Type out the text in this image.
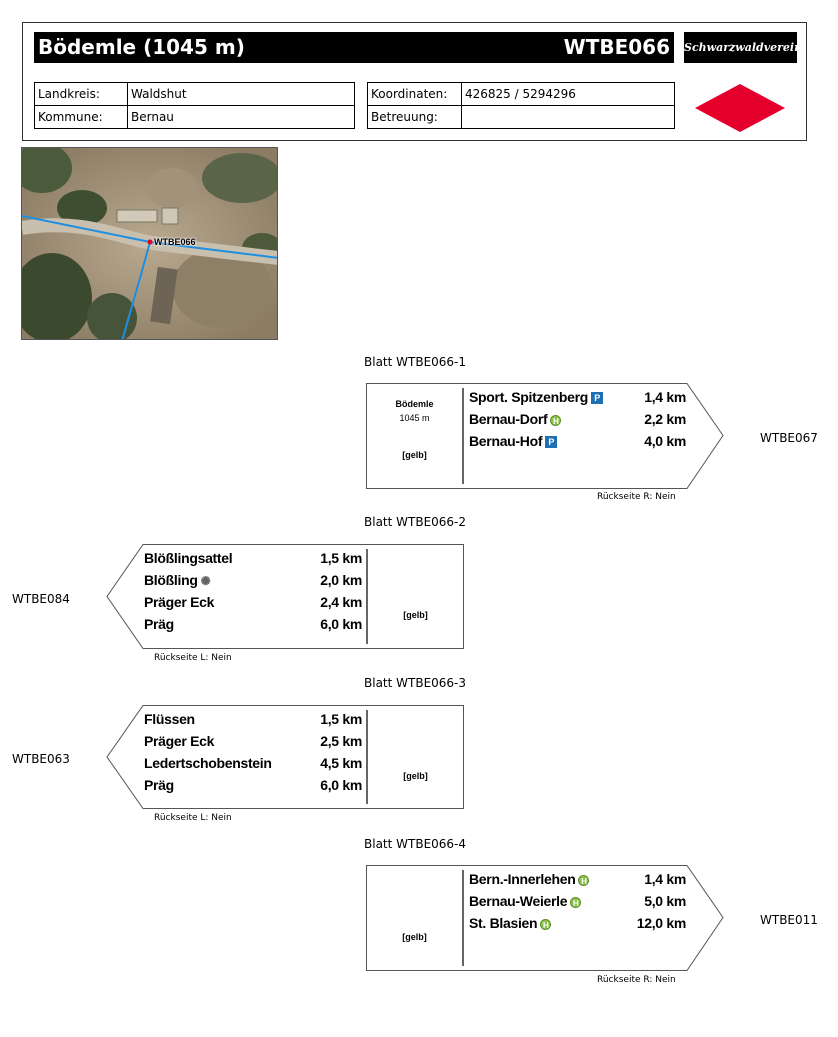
Bödemle (1045 m)	WTBE066 Schwarzwaldverein
Landkreis:	Waldshut
Kommune:	Bernau
Koordinaten:	426825 / 5294296
Betreuung:	
WTBE066
Blatt WTBE066-1
Bödemle
1045 m
[gelb]
Sport. Spitzenberg P	1,4 km
Bernau-Dorf H	2,2 km
Bernau-Hof P	4,0 km	WTBE067
Rückseite R: Nein
Blatt WTBE066-2
Blößlingsattel	1,5 km
Blößling ✺	2,0 km
Präger Eck	2,4 km
Präg	6,0 km
[gelb]
WTBE084
Rückseite L: Nein
Blatt WTBE066-3
Flüssen	1,5 km
Präger Eck	2,5 km
Ledertschobenstein	4,5 km
Präg	6,0 km
[gelb]
WTBE063
Rückseite L: Nein
Blatt WTBE066-4
[gelb]
Bern.-Innerlehen H	1,4 km
Bernau-Weierle H	5,0 km
St. Blasien H	12,0 km	WTBE011
Rückseite R: Nein
